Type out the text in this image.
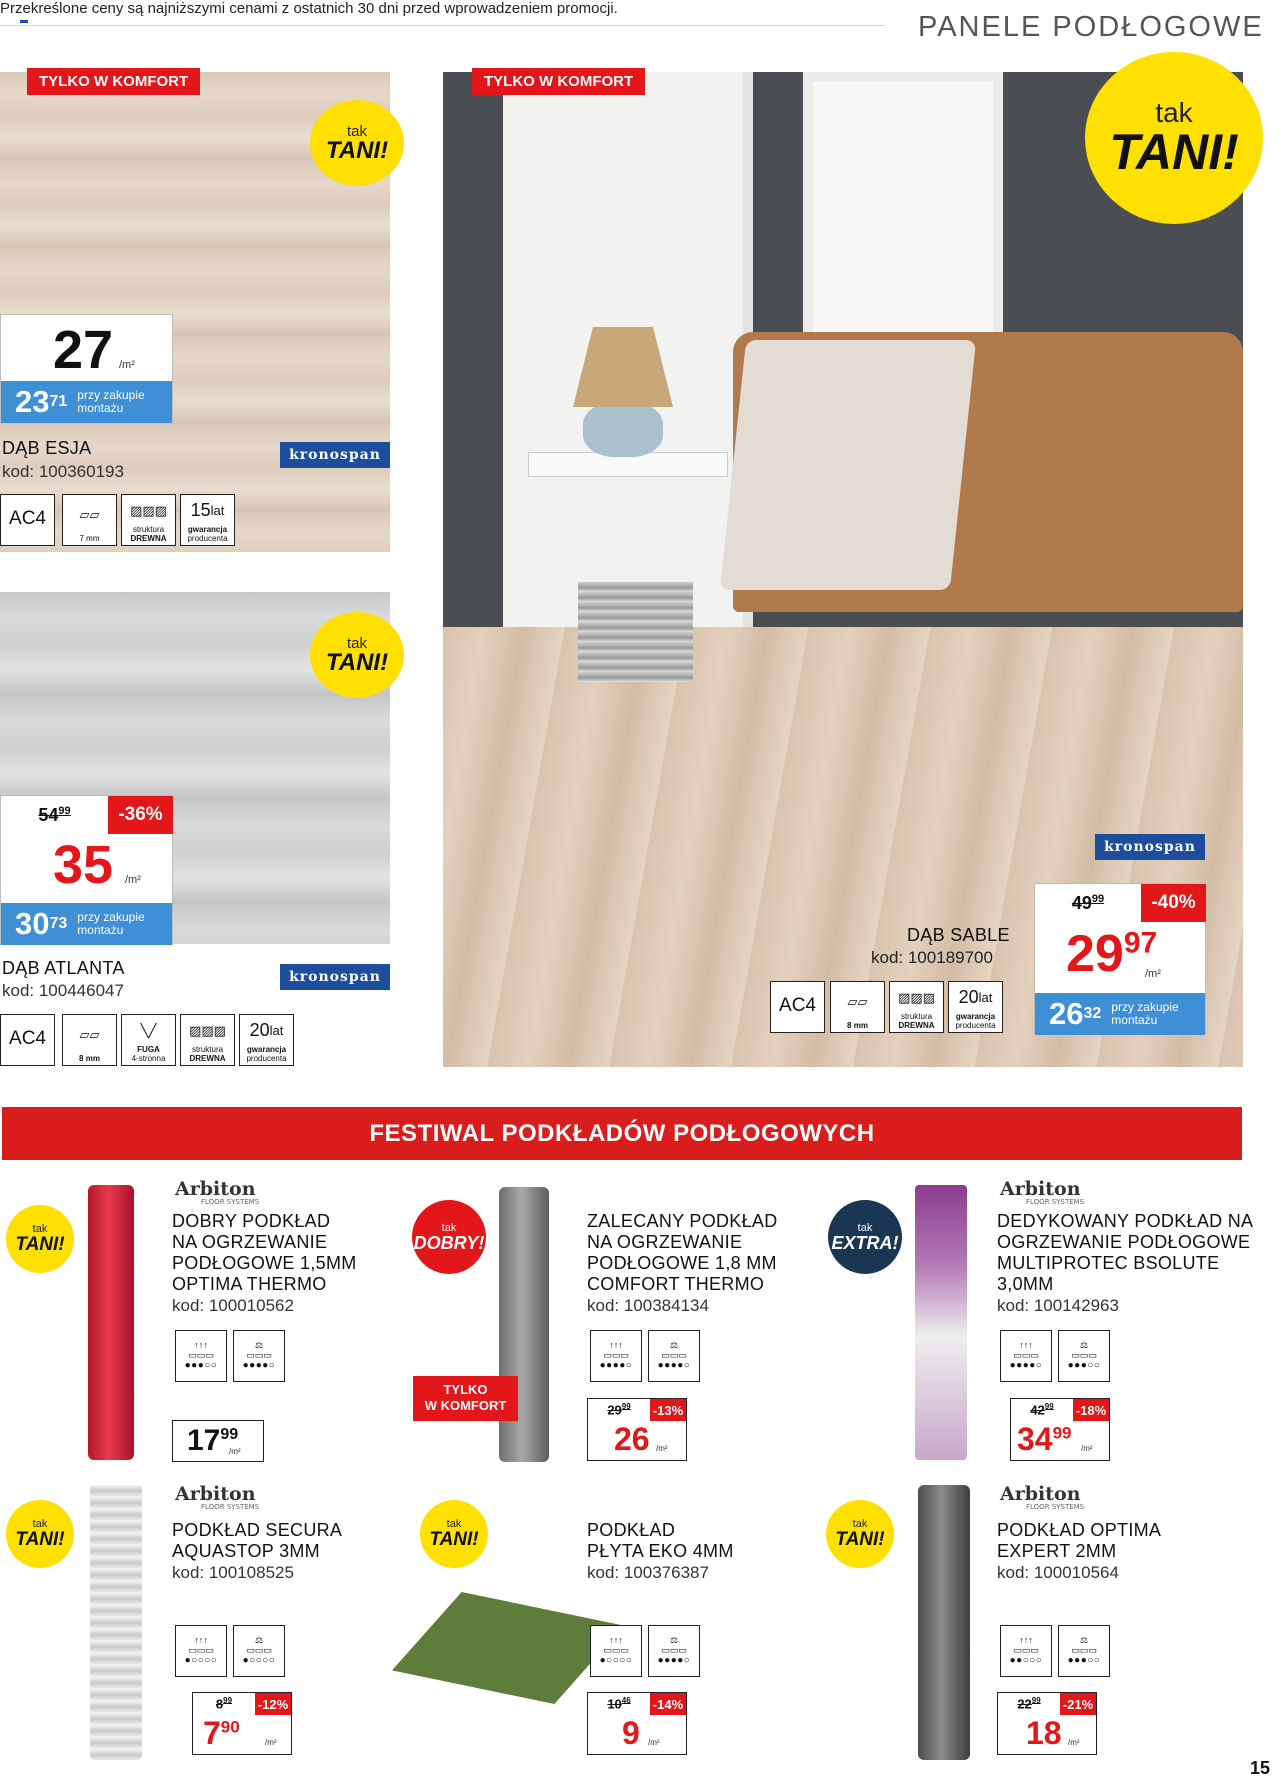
Przekreślone ceny są najniższymi cenami z ostatnich 30 dni przed wprowadzeniem promocji.
PANELE PODŁOGOWE
TYLKO W KOMFORT
tak
TANI!
27 /m²
23 71 przy zakupie
montażu
DĄB ESJA
kod: 100360193
kronospan
AC4	▱▱
7 mm
▨▨▨
struktura
DREWNA
15 lat
gwarancja
producenta
tak
TANI!
$54^{99}$	-36%
35 /m²
30 73 przy zakupie
montażu
DĄB ATLANTA
kod: 100446047
kronospan
AC4	▱▱
8 mm
╲╱
FUGA
4-stronna
▨▨▨
struktura
DREWNA
20 lat
gwarancja
producenta
TYLKO W KOMFORT
tak
TANI!
kronospan
DĄB SABLE
kod: 100189700
AC4	▱▱
8 mm
▨▨▨
struktura
DREWNA
20 lat
gwarancja
producenta
$49^{99}$	-40%
$29^{97}$
/m²
26 32 przy zakupie
montażu
FESTIWAL PODKŁADÓW PODŁOGOWYCH
tak
TANI!
Arbiton
FLOOR SYSTEMS
DOBRY PODKŁAD
NA OGRZEWANIE
PODŁOGOWE 1,5MM
OPTIMA THERMO
kod: 100010562
↑↑↑
▭▭▭
●●●○○
⚖
▭▭▭
●●●●○
$17^{99}$
/m²
tak
DOBRY!
TYLKO
W KOMFORT
ZALECANY PODKŁAD
NA OGRZEWANIE
PODŁOGOWE 1,8 MM
COMFORT THERMO
kod: 100384134
↑↑↑
▭▭▭
●●●●○
⚖
▭▭▭
●●●●○
$29^{99}$ -13%
26 /m²
tak
EXTRA!
Arbiton
FLOOR SYSTEMS
DEDYKOWANY PODKŁAD NA
OGRZEWANIE PODŁOGOWE
MULTIPROTEC BSOLUTE
3,0MM
kod: 100142963
↑↑↑
▭▭▭
●●●●○
⚖
▭▭▭
●●●○○
$42^{99}$ -18%
$34^{99}$
/m²
tak
TANI!
Arbiton
FLOOR SYSTEMS
PODKŁAD SECURA
AQUASTOP 3MM
kod: 100108525
↑↑↑
▭▭▭
●○○○○
⚖
▭▭▭
●○○○○
$8^{99}$ -12%
$7^{90}$
/m²
tak
TANI!	PODKŁAD
PŁYTA EKO 4MM
kod: 100376387
↑↑↑
▭▭▭
●○○○○
⚖
▭▭▭
●●●●○
$10^{46}$ -14%
9 /m²
tak
TANI!
Arbiton
FLOOR SYSTEMS
PODKŁAD OPTIMA
EXPERT 2MM
kod: 100010564
↑↑↑
▭▭▭
●●○○○
⚖
▭▭▭
●●●○○
$22^{99}$ -21%
18 /m²
15
